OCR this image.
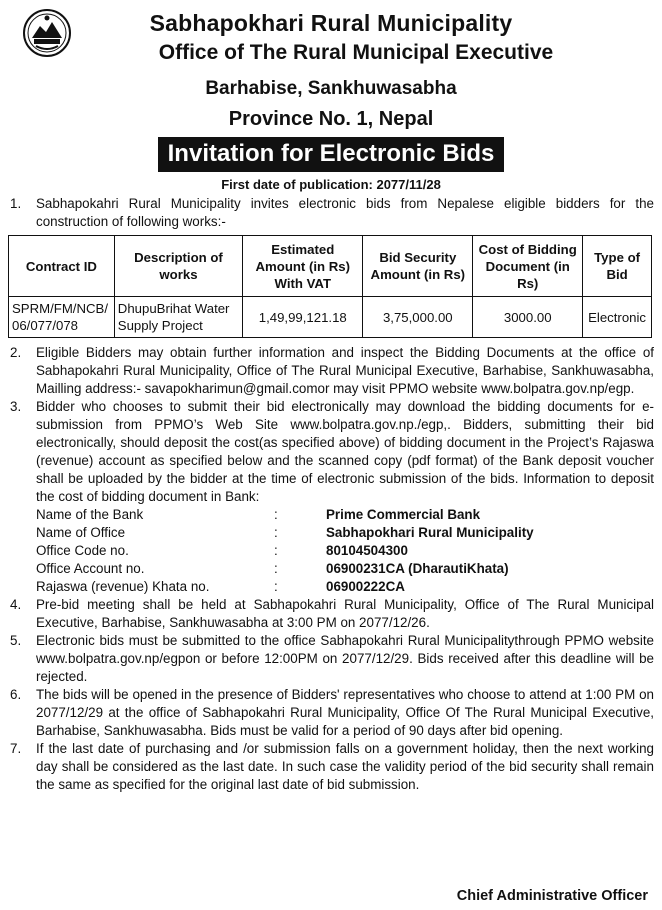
Sabhapokhari Rural Municipality
Office of The Rural Municipal Executive
Barhabise, Sankhuwasabha
Province No. 1, Nepal
Invitation for Electronic Bids
First date of publication: 2077/11/28
1. Sabhapokahri Rural Municipality invites electronic bids from Nepalese eligible bidders for the construction of following works:-
Contract ID	Description of works	Estimated Amount (in Rs) With VAT	Bid Security Amount (in Rs)	Cost of Bidding Document (in Rs)	Type of Bid
SPRM/FM/NCB/06/077/078	DhupuBrihat Water Supply Project	1,49,99,121.18	3,75,000.00	3000.00	Electronic
2. Eligible Bidders may obtain further information and inspect the Bidding Documents at the office of Sabhapokahri Rural Municipality, Office of The Rural Municipal Executive, Barhabise, Sankhuwasabha, Mailling address:- savapokharimun@gmail.comor may visit PPMO website www.bolpatra.gov.np/egp.
3. Bidder who chooses to submit their bid electronically may download the bidding documents for e-submission from PPMO’s Web Site www.bolpatra.gov.np./egp,. Bidders, submitting their bid electronically, should deposit the cost(as specified above) of bidding document in the Project’s Rajaswa (revenue) account as specified below and the scanned copy (pdf format) of the Bank deposit voucher shall be uploaded by the bidder at the time of electronic submission of the bids. Information to deposit the cost of bidding document in Bank:
Name of the Bank	:	Prime Commercial Bank
Name of Office	:	Sabhapokhari Rural Municipality
Office Code no.	:	80104504300
Office Account no.	:	06900231CA (DharautiKhata)
Rajaswa (revenue) Khata no.	:	06900222CA
4. Pre-bid meeting shall be held at Sabhapokahri Rural Municipality, Office of The Rural Municipal Executive, Barhabise, Sankhuwasabha at 3:00 PM on 2077/12/26.
5. Electronic bids must be submitted to the office Sabhapokahri Rural Municipalitythrough PPMO website www.bolpatra.gov.np/egpon or before 12:00PM on 2077/12/29. Bids received after this deadline will be rejected.
6. The bids will be opened in the presence of Bidders' representatives who choose to attend at 1:00 PM on 2077/12/29 at the office of Sabhapokahri Rural Municipality, Office Of The Rural Municipal Executive, Barhabise, Sankhuwasabha. Bids must be valid for a period of 90 days after bid opening.
7. If the last date of purchasing and /or submission falls on a government holiday, then the next working day shall be considered as the last date. In such case the validity period of the bid security shall remain the same as specified for the original last date of bid submission.
Chief Administrative Officer
